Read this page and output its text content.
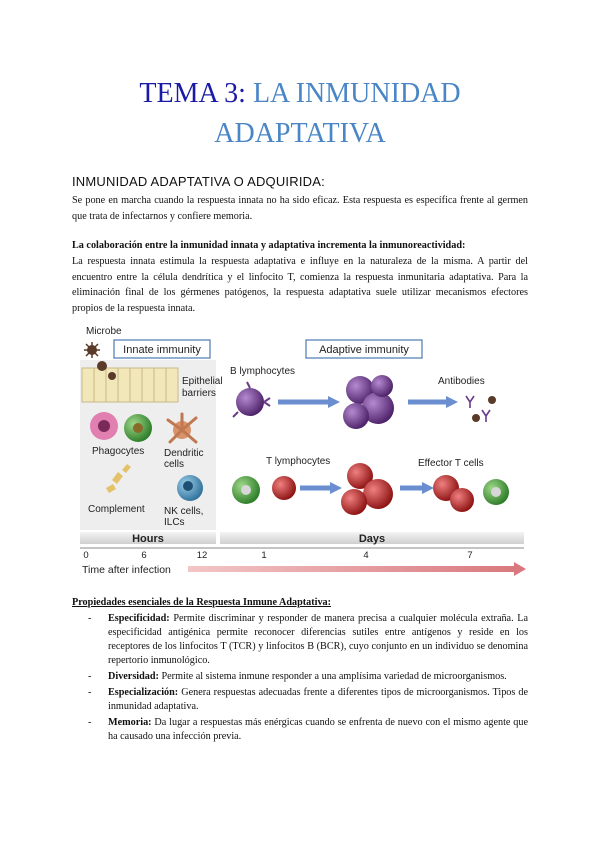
TEMA 3: LA INMUNIDAD
ADAPTATIVA
INMUNIDAD ADAPTATIVA O ADQUIRIDA:
Se pone en marcha cuando la respuesta innata no ha sido eficaz. Esta respuesta es específica frente al germen que trata de infectarnos y confiere memoria.
La colaboración entre la inmunidad innata y adaptativa incrementa la inmunoreactividad:
La respuesta innata estimula la respuesta adaptativa e influye en la naturaleza de la misma. A partir del encuentro entre la célula dendrítica y el linfocito T, comienza la respuesta inmunitaria adaptativa. Para la eliminación final de los gérmenes patógenos, la respuesta adaptativa suele utilizar mecanismos efectores propios de la respuesta innata.
Microbe
Innate immunity
Epithelial
barriers
Phagocytes Dendritic
cells
Complement NK cells,
ILCs
Adaptive immunity
B lymphocytes
Antibodies
T lymphocytes	Effector T cells
Hours	Days
0	6	12	1	4	7
Time after infection
Propiedades esenciales de la Respuesta Inmune Adaptativa:
- Especificidad: Permite discriminar y responder de manera precisa a cualquier molécula extraña. La especificidad antigénica permite reconocer diferencias sutiles entre antígenos y reside en los receptores de los linfocitos T (TCR) y linfocitos B (BCR), cuyo conjunto en un individuo se denomina repertorio inmunológico.
- Diversidad: Permite al sistema inmune responder a una amplísima variedad de microorganismos.
- Especialización: Genera respuestas adecuadas frente a diferentes tipos de microorganismos. Tipos de inmunidad adaptativa.
- Memoria: Da lugar a respuestas más enérgicas cuando se enfrenta de nuevo con el mismo agente que ha causado una infección previa.
